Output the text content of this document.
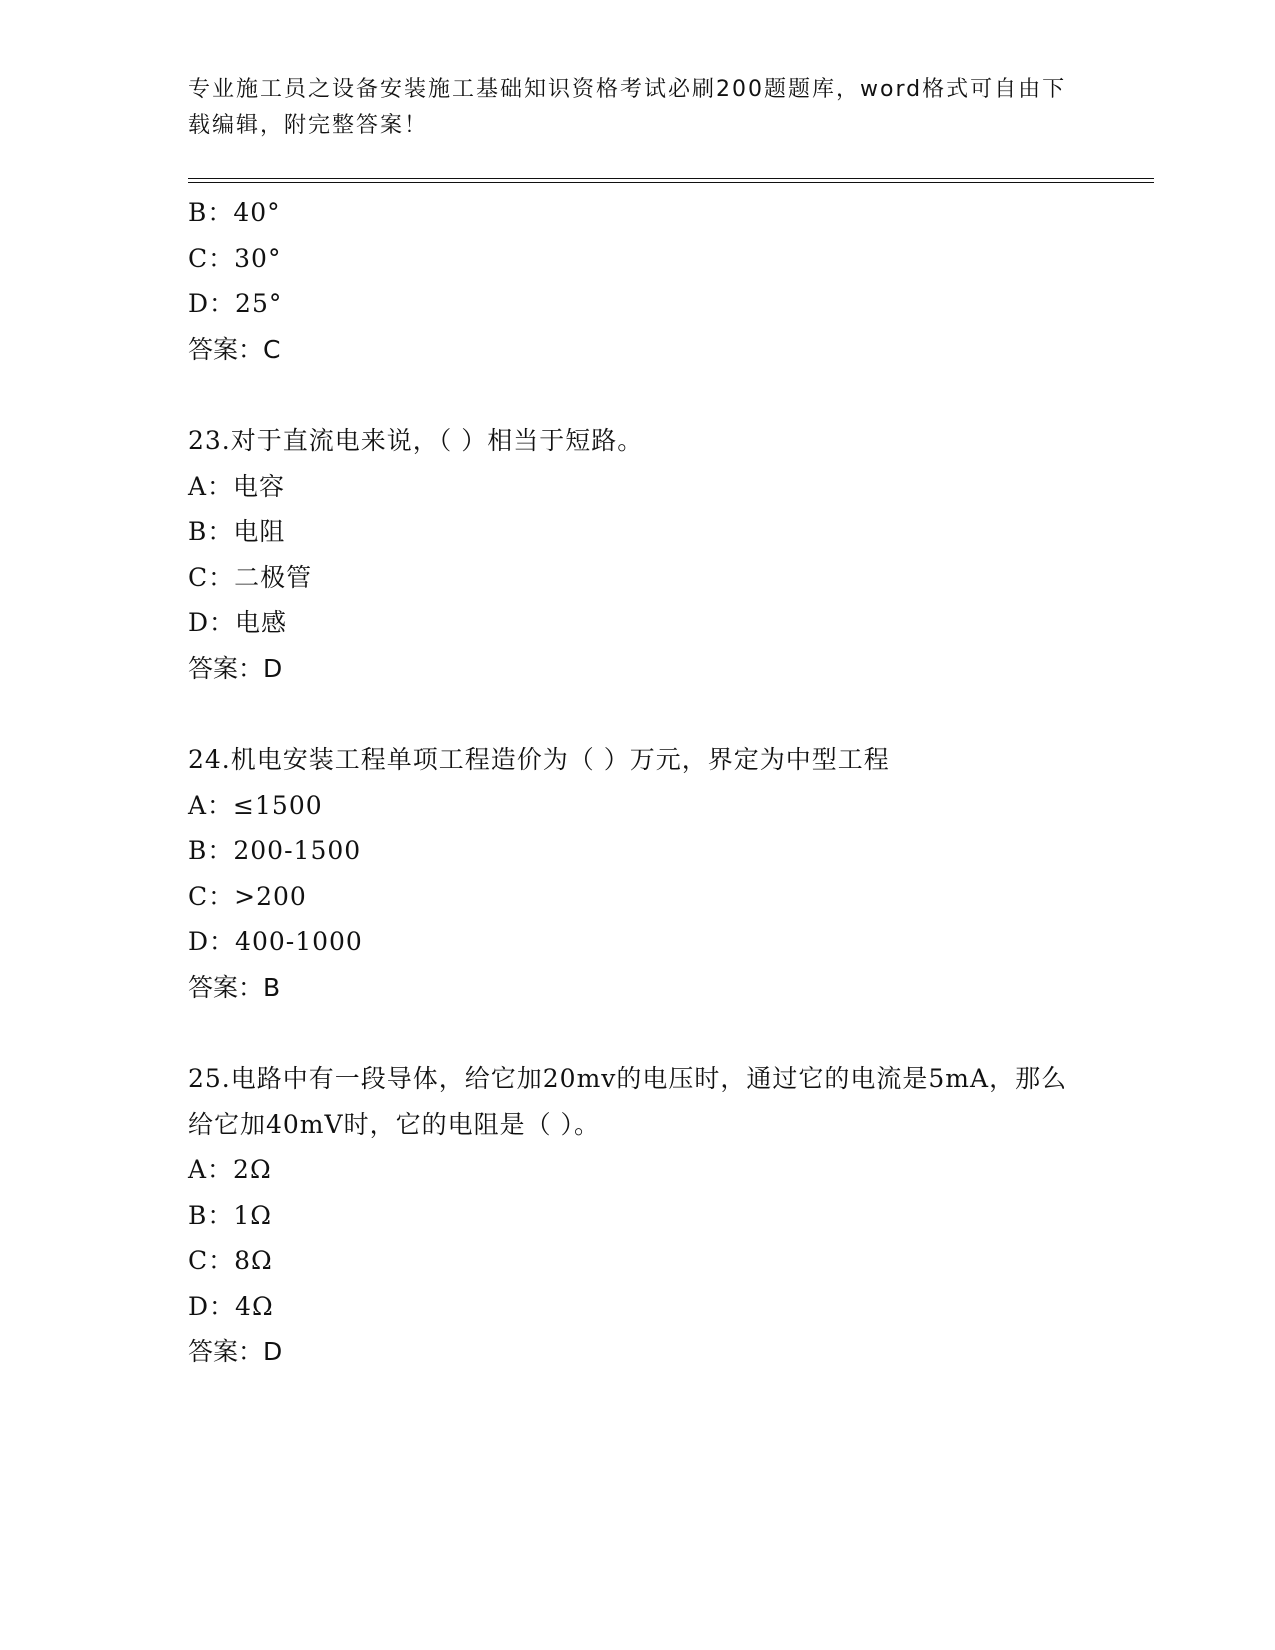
专业施工员之设备安装施工基础知识资格考试必刷200题题库，word格式可自由下载编辑，附完整答案！
B：40°
C：30°
D：25°
答案：C
23.对于直流电来说，（ ）相当于短路。
A：电容
B：电阻
C：二极管
D：电感
答案：D
24.机电安装工程单项工程造价为（ ）万元，界定为中型工程
A：≤1500
B：200-1500
C：>200
D：400-1000
答案：B
25.电路中有一段导体，给它加20mv的电压时，通过它的电流是5mA，那么给它加40mV时，它的电阻是（ ）。
A：2Ω
B：1Ω
C：8Ω
D：4Ω
答案：D
